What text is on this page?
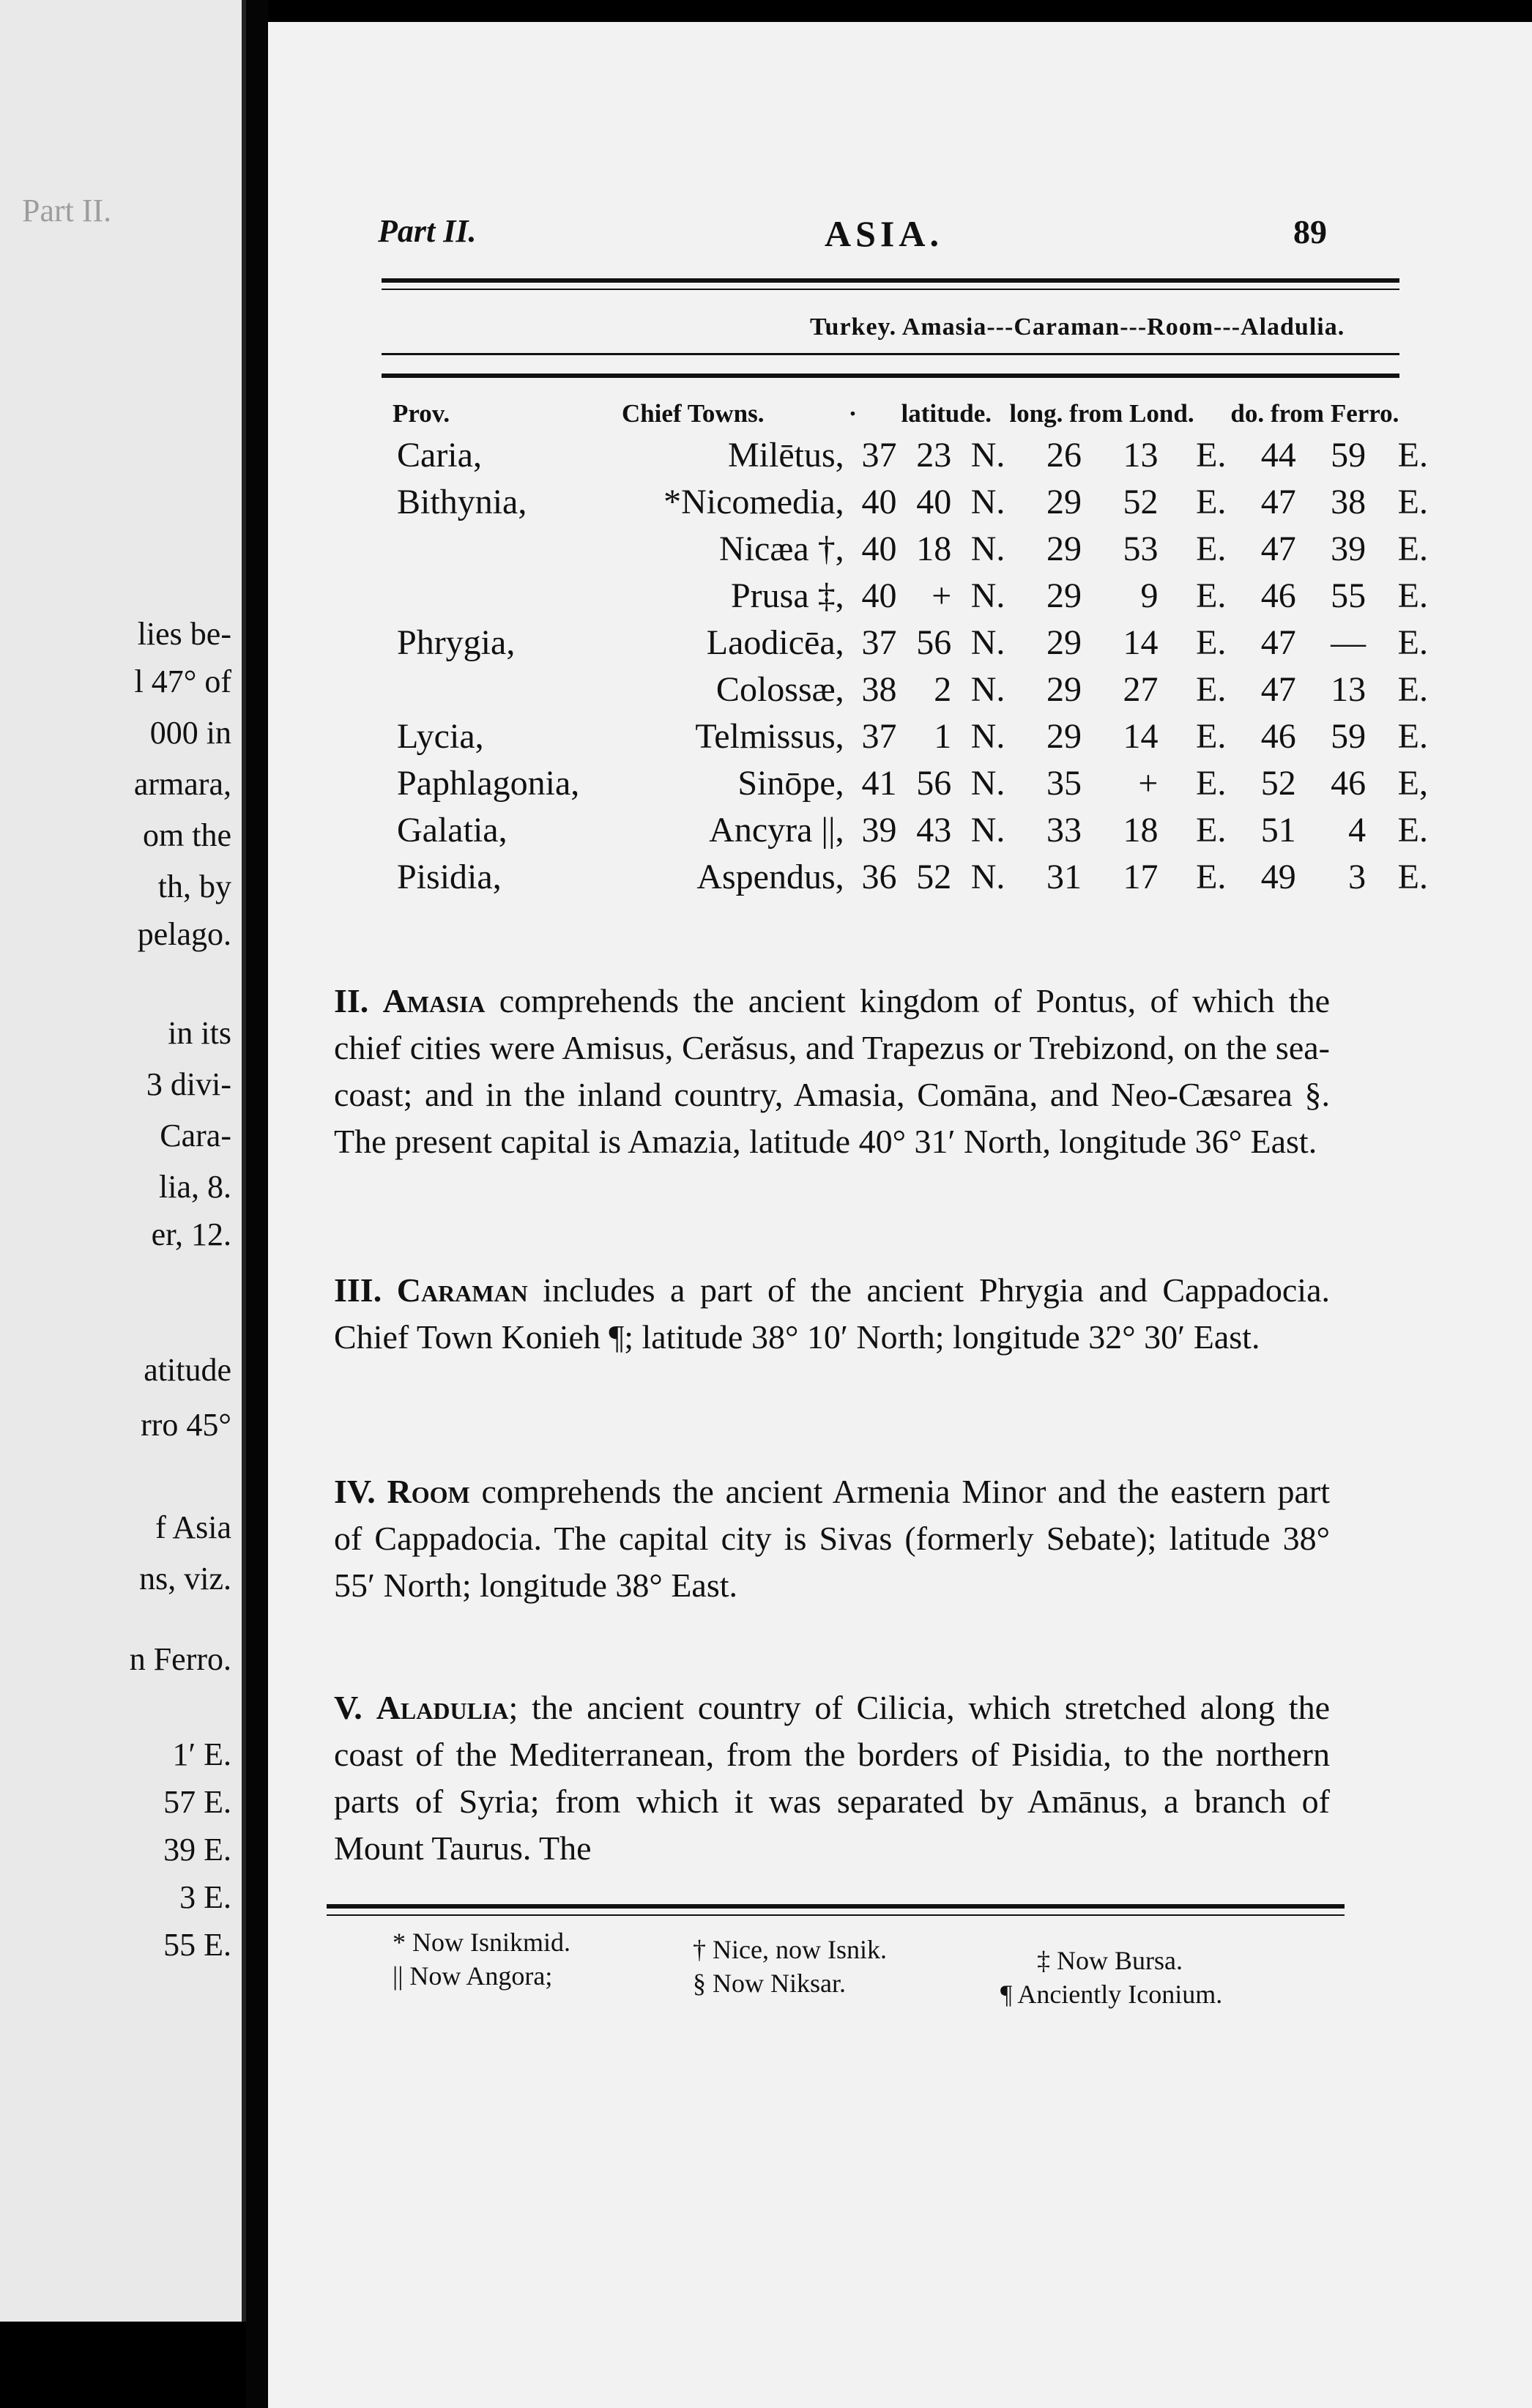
Part II.
lies be-
l 47° of
000 in
armara,
om the
th, by
pelago.
in its
3 divi-
Cara-
lia, 8.
er, 12.
atitude
rro 45°
f Asia
ns, viz.
n Ferro.
1′ E.
57 E.
39 E.
3 E.
55 E.
Part II.	ASIA.	89
Turkey. Amasia---Caraman---Room---Aladulia.
Prov.	Chief Towns.	·	latitude.		long. from Lond.			do. from Ferro.		
Caria,	Milētus,	37	23	N.	26	13	E.	44	59	E.
Bithynia,	*Nicomedia,	40	40	N.	29	52	E.	47	38	E.
	Nicæa †,	40	18	N.	29	53	E.	47	39	E.
	Prusa ‡,	40	+	N.	29	9	E.	46	55	E.
Phrygia,	Laodicēa,	37	56	N.	29	14	E.	47	—	E.
	Colossæ,	38	2	N.	29	27	E.	47	13	E.
Lycia,	Telmissus,	37	1	N.	29	14	E.	46	59	E.
Paphlagonia,	Sinōpe,	41	56	N.	35	+	E.	52	46	E,
Galatia,	Ancyra ||,	39	43	N.	33	18	E.	51	4	E.
Pisidia,	Aspendus,	36	52	N.	31	17	E.	49	3	E.
II. Amasia comprehends the ancient kingdom of Pontus, of which the chief cities were Amisus, Cerăsus, and Trapezus or Trebizond, on the sea-coast; and in the inland country, Amasia, Comāna, and Neo-Cæsarea §. The present capital is Amazia, latitude 40° 31′ North, longitude 36° East.
III. Caraman includes a part of the ancient Phrygia and Cappadocia. Chief Town Konieh ¶; latitude 38° 10′ North; longitude 32° 30′ East.
IV. Room comprehends the ancient Armenia Minor and the eastern part of Cappadocia. The capital city is Sivas (formerly Sebate); latitude 38° 55′ North; longitude 38° East.
V. Aladulia; the ancient country of Cilicia, which stretched along the coast of the Mediterranean, from the borders of Pisidia, to the northern parts of Syria; from which it was separated by Amānus, a branch of Mount Taurus. The
* Now Isnikmid.
|| Now Angora;
† Nice, now Isnik.
§ Now Niksar.
‡ Now Bursa.
¶ Anciently Iconium.
